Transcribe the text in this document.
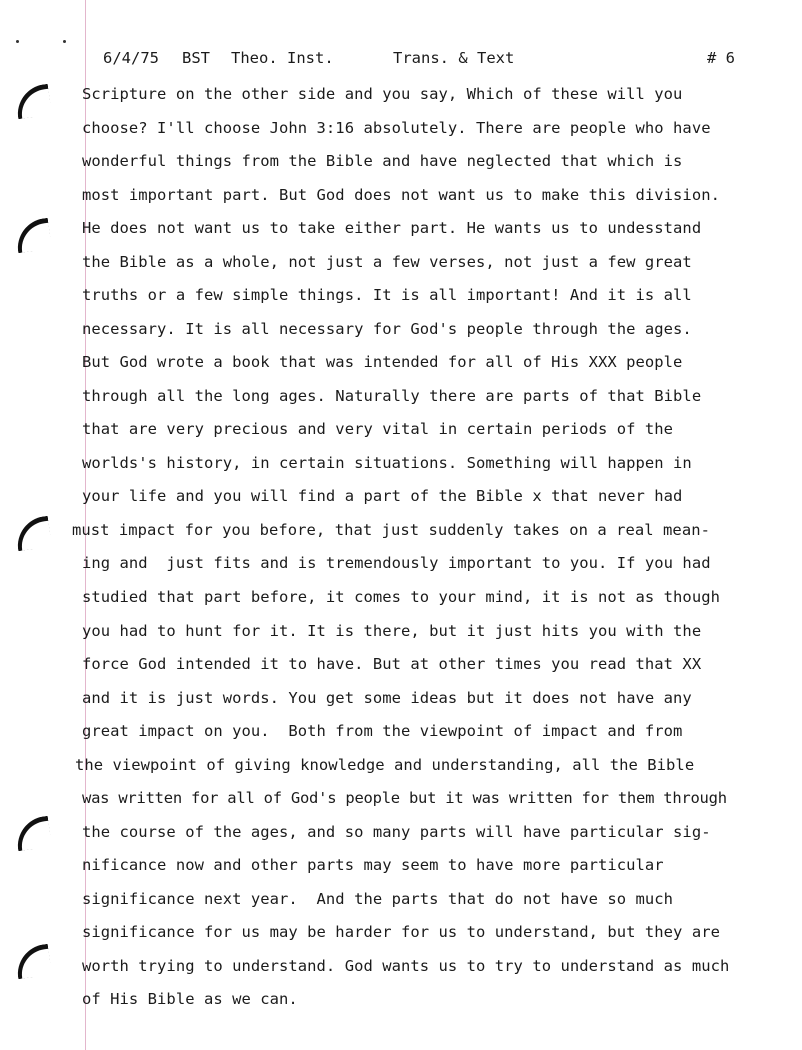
6/4/75

BST

Theo. Inst.

	Trans. & Text

	# 6

Scripture on the other side and you say, Which of these will you
choose? I'll choose John 3:16 absolutely. There are people who have
wonderful things from the Bible and have neglected that which is
most important part. But God does not want us to make this division.
He does not want us to take either part. He wants us to undesstand
the Bible as a whole, not just a few verses, not just a few great
truths or a few simple things. It is all important! And it is all
necessary. It is all necessary for God's people through the ages.
But God wrote a book that was intended for all of His XXX people
through all the long ages. Naturally there are parts of that Bible
that are very precious and very vital in certain periods of the
worlds's history, in certain situations. Something will happen in
your life and you will find a part of the Bible x that never had
must impact for you before, that just suddenly takes on a real mean-
ing and  just fits and is tremendously important to you. If you had
studied that part before, it comes to your mind, it is not as though
you had to hunt for it. It is there, but it just hits you with the
force God intended it to have. But at other times you read that XX
and it is just words. You get some ideas but it does not have any
great impact on you.  Both from the viewpoint of impact and from
the viewpoint of giving knowledge and understanding, all the Bible
was written for all of God's people but it was written for them through
the course of the ages, and so many parts will have particular sig-
nificance now and other parts may seem to have more particular
significance next year.  And the parts that do not have so much
significance for us may be harder for us to understand, but they are
worth trying to understand. God wants us to try to understand as much
of His Bible as we can.
